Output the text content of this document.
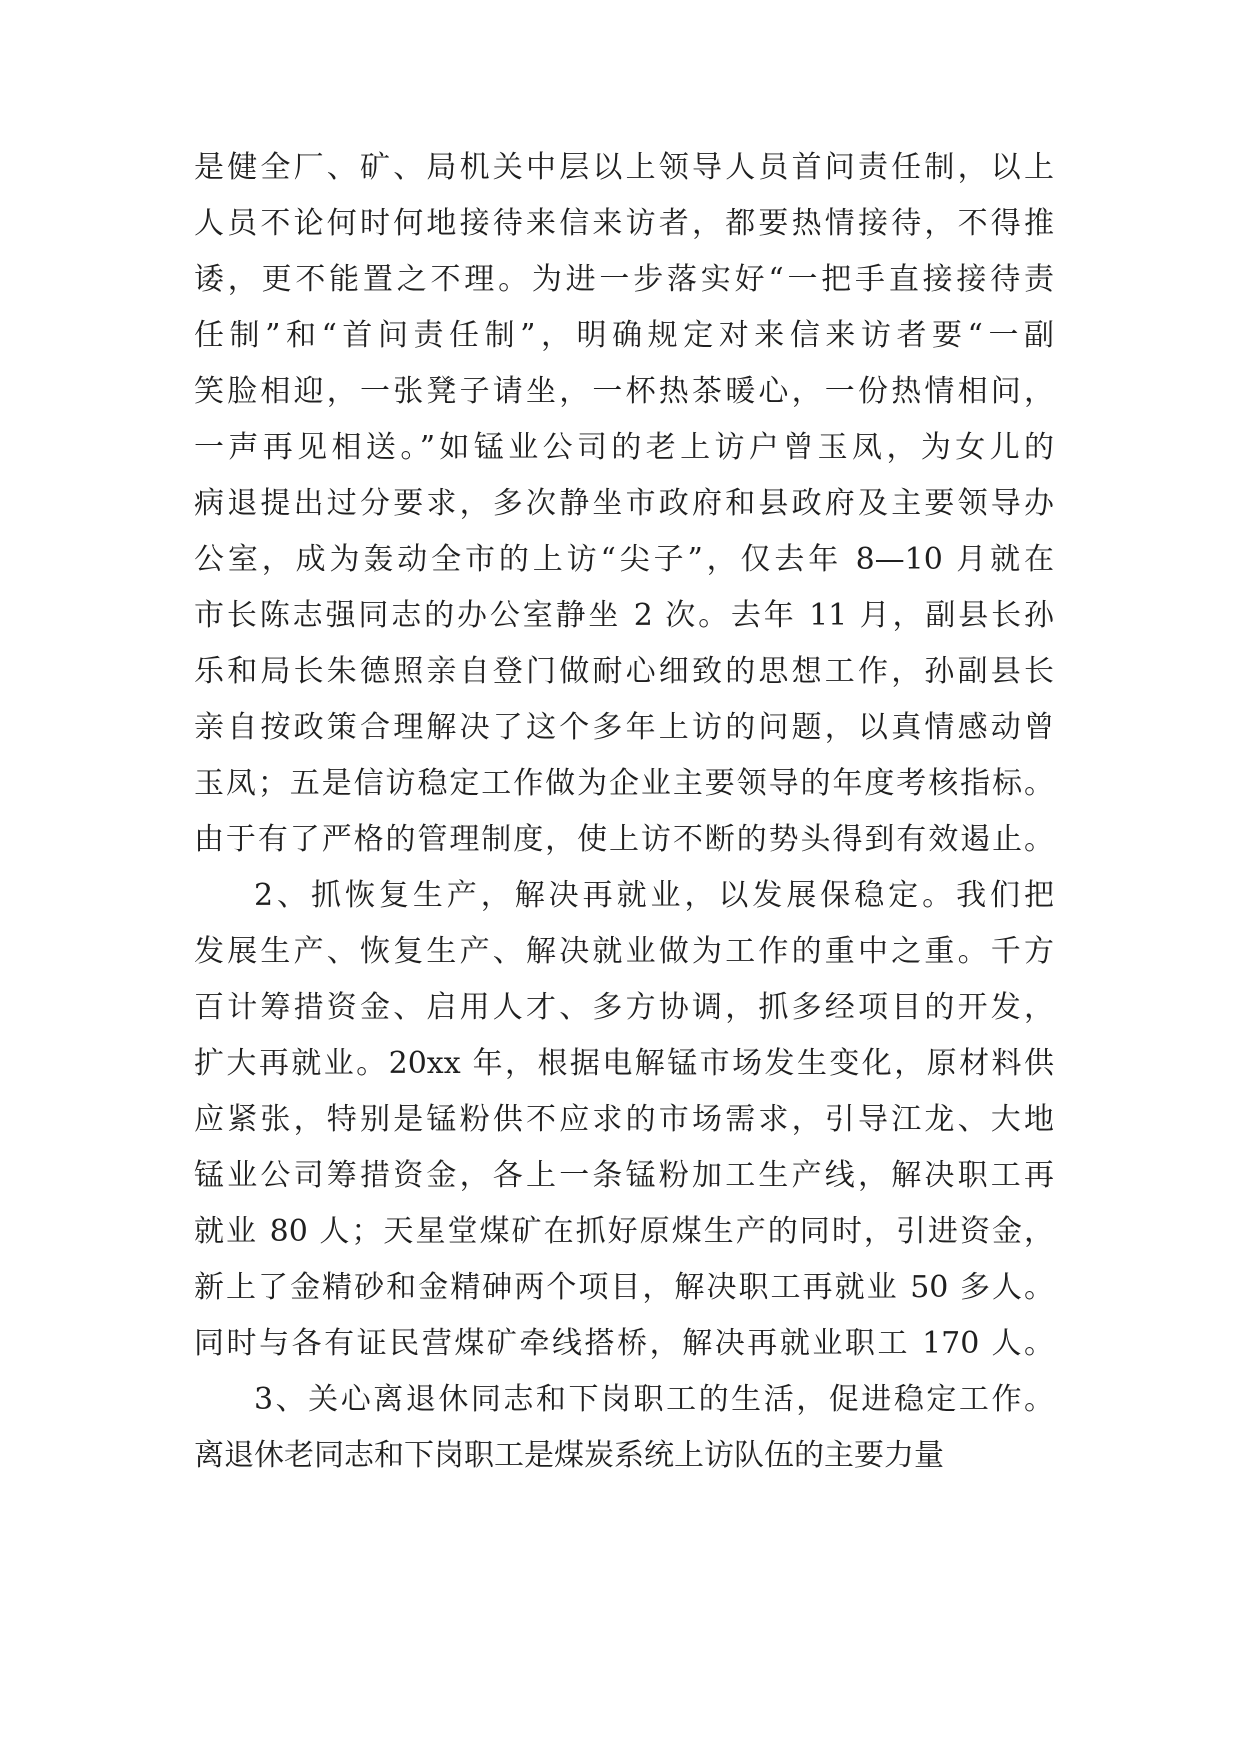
是健全厂、矿、局机关中层以上领导人员首问责任制，以上
人员不论何时何地接待来信来访者，都要热情接待，不得推
诿，更不能置之不理。为进一步落实好“一把手直接接待责
任制”和“首问责任制”，明确规定对来信来访者要“一副
笑脸相迎，一张凳子请坐，一杯热茶暖心，一份热情相问，
一声再见相送。”如锰业公司的老上访户曾玉凤，为女儿的
病退提出过分要求，多次静坐市政府和县政府及主要领导办
公室，成为轰动全市的上访“尖子”，仅去年 8—10 月就在
市长陈志强同志的办公室静坐 2 次。去年 11 月，副县长孙
乐和局长朱德照亲自登门做耐心细致的思想工作，孙副县长
亲自按政策合理解决了这个多年上访的问题，以真情感动曾
玉凤；五是信访稳定工作做为企业主要领导的年度考核指标。
由于有了严格的管理制度，使上访不断的势头得到有效遏止。
2、抓恢复生产，解决再就业，以发展保稳定。我们把
发展生产、恢复生产、解决就业做为工作的重中之重。千方
百计筹措资金、启用人才、多方协调，抓多经项目的开发，
扩大再就业。20xx 年，根据电解锰市场发生变化，原材料供
应紧张，特别是锰粉供不应求的市场需求，引导江龙、大地
锰业公司筹措资金，各上一条锰粉加工生产线，解决职工再
就业 80 人；天星堂煤矿在抓好原煤生产的同时，引进资金，
新上了金精砂和金精砷两个项目，解决职工再就业 50 多人。
同时与各有证民营煤矿牵线搭桥，解决再就业职工 170 人。
3、关心离退休同志和下岗职工的生活，促进稳定工作。
离退休老同志和下岗职工是煤炭系统上访队伍的主要力量
